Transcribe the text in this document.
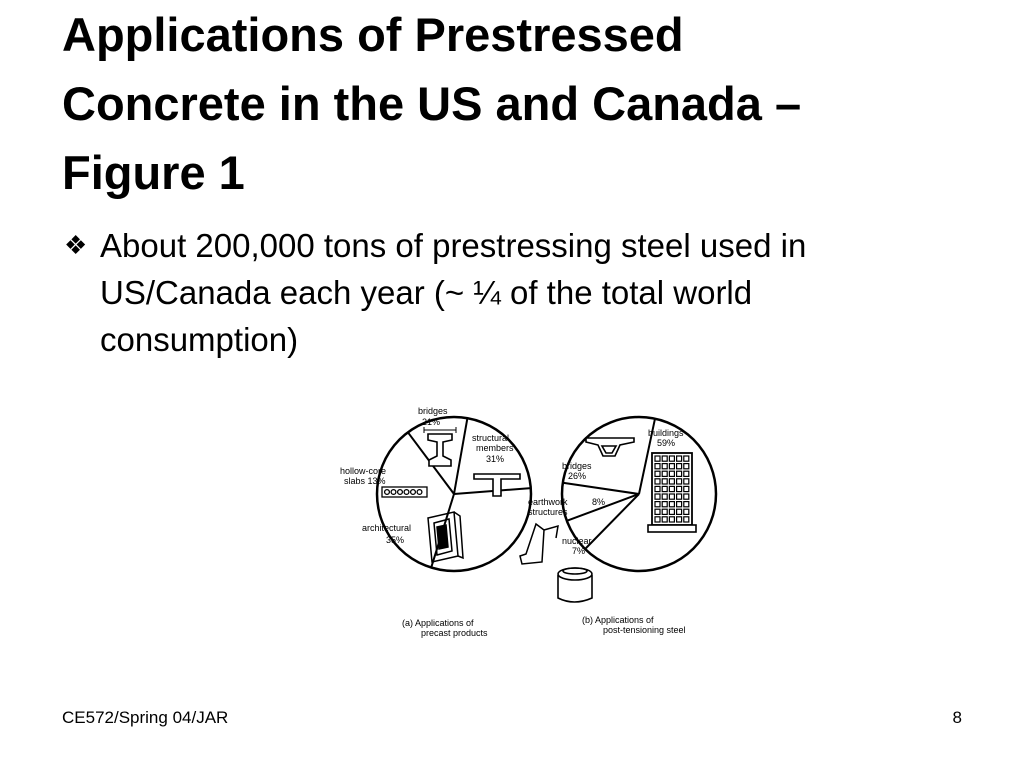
Applications of Prestressed
Concrete in the US and Canada –
Figure 1
❖ About 200,000 tons of prestressing steel used in
US/Canada each year (~ ¼ of the total world
consumption)

bridges
21%
structural
members
31%
hollow-core
slabs 13%
architectural
35%
(a) Applications of
precast products
buildings
59%
bridges
26%
earthwork
structures
8%
nuclear
7%
(b) Applications of
post-tensioning steel
CE572/Spring 04/JAR	8
